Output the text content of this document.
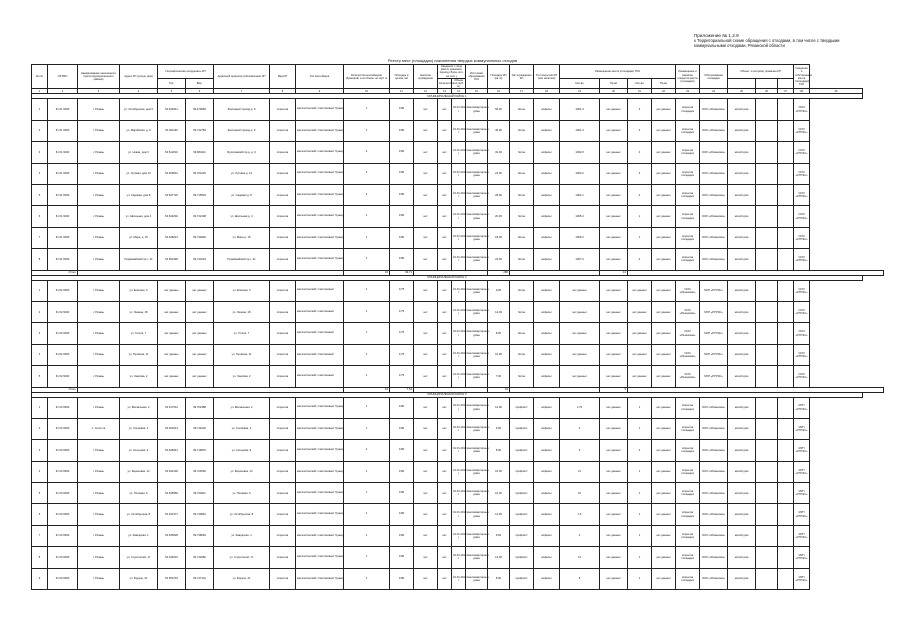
Приложение № 1.2.9
к Территориальной схеме обращения с отходами, в том числе с твердыми
коммунальными отходами, Рязанской области
Реестр мест (площадок) накопления твердых коммунальных отходов
№ п/п	ОКТМО	Наименование населенного пункта (муниципального района)	Адрес КП (улица, дом)	Географические координаты КП		Адресный ориентир (обозначение) КП	Вид КП	Тип контейнера	Количество контейнеров (бункеров) и их объем, шт./куб. м	Площадь в целом, м2	Наличие ограждения	Сведения о лице (место хранения, период сбора, кол-во сост.)		Источники образования ТКО	Площадь КП (кв. м)	Тип ограждения КП	Тип покрытия КП (при наличии)	Размещение места (площадки) ТКО				Размещение и характер покрытия места (площадки)	Обслуживание площадки	Объект, к которому привязан КП			Сведения о собственнике места (площадки) ТКО	
				Гор.	Вер.							Количество	Объем (шт./куб. м)					Кол-во	Пр-во	Кол-во	Пр-во							
1	2	3	4	5	6	7	8	9	10	11	12	13	14	15	16	17	18	19	20	21	22	23	24	25	26	27	28	29
МУНИЦИПАЛЬНЫЙ РАЙОН 1																												
1	61 61 6000	г. Рязань	ул. Октябрьская, дом 6	54.649441	39.479668	Железный проезд д. 9	открытая	металлический; пластиковый; бункер	1	0,80	нет	нет	01.01.2019 г.	многоквартирные дома	56,00	бетон	асфальт	1001-3	нет данных	3	нет данных	открытая площадка	ООО «Рязанская»	жилой дом			ООО «РГРЭС»	
2	61 61 6000	г. Рязань	ул. Марийская, д. 6	54.621166	39.732784	Железный проезд д. 9	открытая	металлический; пластиковый; бункер	1	0,80	нет	нет	01.01.2019 г.	многоквартирные дома	45,00	бетон	асфальт	1001-3	нет данных	2	нет данных	открытая площадка	ООО «Рязанская»	жилой дом			ООО «РГРЭС»	
3	61 61 6000	г. Рязань	ул. Новая, дом 3	54.612034	39.684211	Ярославский пр-д, д. 3	открытая	металлический; пластиковый; бункер	2	0,80	нет	нет	01.01.2019 г.	многоквартирные дома	32,00	бетон	асфальт	1002-5	нет данных	4	нет данных	открытая площадка	ООО «Рязанская»	жилой дом			ООО «РГРЭС»	
4	61 61 6000	г. Рязань	ул. Луговая, дом 12	54.629512	39.701245	ул. Луговая д. 12	открытая	металлический; пластиковый; бункер	3	0,80	нет	нет	01.01.2019 г.	многоквартирные дома	24,00	бетон	асфальт	1003-2	нет данных	3	нет данных	открытая площадка	ООО «Рязанская»	жилой дом			ООО «РГРЭС»	
5	61 61 6000	г. Рязань	ул. Садовая, дом 8	54.637720	39.715503	ул. Садовая д. 8	открытая	металлический; пластиковый; бункер	2	0,80	нет	нет	01.01.2019 г.	многоквартирные дома	28,00	бетон	асфальт	1004-1	нет данных	2	нет данных	открытая площадка	ООО «Рязанская»	жилой дом			ООО «РГРЭС»	
6	61 61 6000	г. Рязань	ул. Школьная, дом 4	54.641802	39.722108	ул. Школьная д. 4	открытая	металлический; пластиковый; бункер	1	0,80	нет	нет	01.01.2019 г.	многоквартирные дома	20,00	бетон	асфальт	1005-4	нет данных	1	нет данных	открытая площадка	ООО «Рязанская»	жилой дом			ООО «РГРЭС»	
7	61 61 6000	г. Рязань	ул. Мира, д. 15	54.648213	39.734920	ул. Мира д. 15	открытая	металлический; пластиковый; бункер	1	0,80	нет	нет	01.01.2019 г.	многоквартирные дома	18,00	бетон	асфальт	1006-2	нет данных	1	нет данных	открытая площадка	ООО «Рязанская»	жилой дом			ООО «РГРЭС»	
8	61 61 6000	г. Рязань	Первомайский пр-т, 21	54.652490	39.741033	Первомайский пр-т, 21	открытая	металлический; пластиковый; бункер	1	0,80	нет	нет	01.01.2019 г.	многоквартирные дома	22,00	бетон	асфальт	1007-3	нет данных	2	нет данных	открытая площадка	ООО «Рязанская»	жилой дом			ООО «РГРЭС»	
Итого									16	49,71					286				12									
МУНИЦИПАЛЬНЫЙ РАЙОН 2																												
1	61 62 6000	г. Рязань	ул. Есенина, 3	нет данных	нет данных	ул. Есенина, 3	открытая	металлический; пластиковый	1	0,75	нет	нет	01.01.2019 г.	многоквартирные дома	9,00	бетон	асфальт	нет данных	нет данных	нет данных	нет данных	ООО «Рязанская»	МУП «РГРЭС»	жилой дом			ООО «РГРЭС»	
2	61 62 6000	г. Рязань	ул. Ленина, 18	нет данных	нет данных	ул. Ленина, 18	открытая	металлический; пластиковый	1	0,75	нет	нет	01.01.2019 г.	многоквартирные дома	12,00	бетон	асфальт	нет данных	нет данных	нет данных	нет данных	ООО «Рязанская»	МУП «РГРЭС»	жилой дом			ООО «РГРЭС»	
3	61 62 6000	г. Рязань	ул. Гоголя, 7	нет данных	нет данных	ул. Гоголя, 7	открытая	металлический; пластиковый	1	0,75	нет	нет	01.01.2019 г.	многоквартирные дома	8,00	бетон	асфальт	нет данных	нет данных	нет данных	нет данных	ООО «Рязанская»	МУП «РГРЭС»	жилой дом			ООО «РГРЭС»	
4	61 62 6000	г. Рязань	ул. Пушкина, 11	нет данных	нет данных	ул. Пушкина, 11	открытая	металлический; пластиковый	1	0,75	нет	нет	01.01.2019 г.	многоквартирные дома	10,00	бетон	асфальт	нет данных	нет данных	нет данных	нет данных	ООО «Рязанская»	МУП «РГРЭС»	жилой дом			ООО «РГРЭС»	
5	61 62 6000	г. Рязань	ул. Чкалова, 2	нет данных	нет данных	ул. Чкалова, 2	открытая	металлический; пластиковый	1	0,75	нет	нет	01.01.2019 г.	многоквартирные дома	7,00	бетон	асфальт	нет данных	нет данных	нет данных	нет данных	ООО «Рязанская»	МУП «РГРЭС»	жилой дом			ООО «РГРЭС»	
Итого									16	7,54					46				5									
МУНИЦИПАЛЬНЫЙ РАЙОН 3																												
1	61 63 6000	г. Рязань	ул. Вокзальная, 2	54.617512	39.702388	ул. Вокзальная, 2	открытая	металлический; пластиковый; бункер	1	0,80	нет	нет	01.01.2019 г.	многоквартирные дома	12,00	профлист	асфальт	1,76	нет данных	1	нет данных	открытая площадка	ООО «Рязанская»	жилой дом			МУП «РГРЭС»	
2	61 63 6000	п. Солотча	ул. Сосновая, 4	54.623014	39.711209	ул. Сосновая, 4	открытая	металлический; пластиковый; бункер	1	0,80	нет	нет	01.01.2019 г.	многоквартирные дома	6,00	профлист	асфальт	4	нет данных	1	нет данных	открытая площадка	ООО «Рязанская»	жилой дом			МУП «РГРЭС»	
3	61 63 6000	г. Рязань	ул. Кольцова, 9	54.628341	39.719876	ул. Кольцова, 9	открытая	металлический; пластиковый; бункер	2	0,80	нет	нет	01.01.2019 г.	многоквартирные дома	8,00	профлист	асфальт	3	нет данных	2	нет данных	открытая площадка	ООО «Рязанская»	жилой дом			МУП «РГРЭС»	
4	61 63 6000	г. Рязань	ул. Березовая, 14	54.632102	39.724560	ул. Березовая, 14	открытая	металлический; пластиковый; бункер	1	0,80	нет	нет	01.01.2019 г.	многоквартирные дома	10,00	профлист	асфальт	14	нет данных	1	нет данных	открытая площадка	ООО «Рязанская»	жилой дом			МУП «РГРЭС»	
5	61 63 6000	г. Рязань	ул. Полевая, 6	54.636950	39.729311	ул. Полевая, 6	открытая	металлический; пластиковый; бункер	1	0,80	нет	нет	01.01.2019 г.	многоквартирные дома	10,00	профлист	асфальт	10	нет данных	1	нет данных	открытая площадка	ООО «Рязанская»	жилой дом			МУП «РГРЭС»	
6	61 63 6000	г. Рязань	ул. Октябрьская, 8	54.641377	39.733842	ул. Октябрьская, 8	открытая	металлический; пластиковый; бункер	1	0,80	нет	нет	01.01.2019 г.	многоквартирные дома	12,00	профлист	асфальт	1,6	нет данных	1	нет данных	открытая площадка	ООО «Рязанская»	жилой дом			МУП «РГРЭС»	
7	61 63 6000	г. Рязань	ул. Заводская, 1	54.645628	39.738094	ул. Заводская, 1	открытая	металлический; пластиковый; бункер	1	0,80	нет	нет	01.01.2019 г.	многоквартирные дома	9,00	профлист	асфальт	2	нет данных	1	нет данных	открытая площадка	ООО «Рязанская»	жилой дом			МУП «РГРЭС»	
8	61 63 6000	г. Рязань	ул. Строителей, 17	54.649210	39.742650	ул. Строителей, 17	открытая	металлический; пластиковый; бункер	1	0,80	нет	нет	01.01.2019 г.	многоквартирные дома	14,00	профлист	асфальт	12	нет данных	1	нет данных	открытая площадка	ООО «Рязанская»	жилой дом			МУП «РГРЭС»	
9	61 63 6000	г. Рязань	ул. Фрунзе, 21	54.653733	39.747101	ул. Фрунзе, 21	открытая	металлический; пластиковый; бункер	1	0,80	нет	нет	01.01.2019 г.	многоквартирные дома	8,00	профлист	асфальт	8	нет данных	1	нет данных	открытая площадка	ООО «Рязанская»	жилой дом			МУП «РГРЭС»	
